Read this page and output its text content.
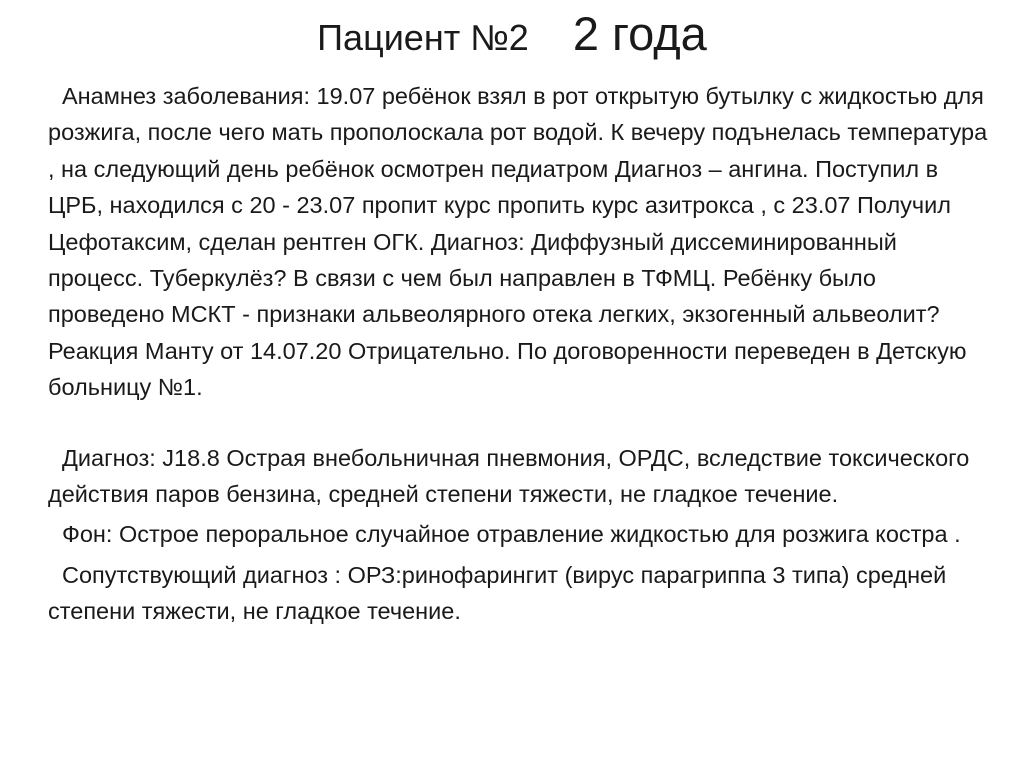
Пациент №2 2 года

Анамнез заболевания: 19.07 ребёнок взял в рот открытую бутылку с жидкостью для розжига, после чего мать прополоскала рот водой. К вечеру подънелась температура , на следующий день ребёнок осмотрен педиатром Диагноз – ангина. Поступил в ЦРБ, находился с 20 - 23.07 пропит курс пропить курс азитрокса , с 23.07 Получил Цефотаксим, сделан рентген ОГК. Диагноз: Диффузный диссеминированный процесс. Туберкулёз? В связи с чем был направлен в ТФМЦ. Ребёнку было проведено МСКТ - признаки альвеолярного отека легких, экзогенный альвеолит? Реакция Манту от 14.07.20 Отрицательно. По договоренности переведен в Детскую больницу №1.

Диагноз: J18.8 Острая внебольничная пневмония, ОРДС, вследствие токсического действия паров бензина, средней степени тяжести, не гладкое течение.

Фон: Острое пероральное случайное отравление жидкостью для розжига костра .

Сопутствующий диагноз : ОРЗ:ринофарингит (вирус парагриппа 3 типа) средней степени тяжести, не гладкое течение.
